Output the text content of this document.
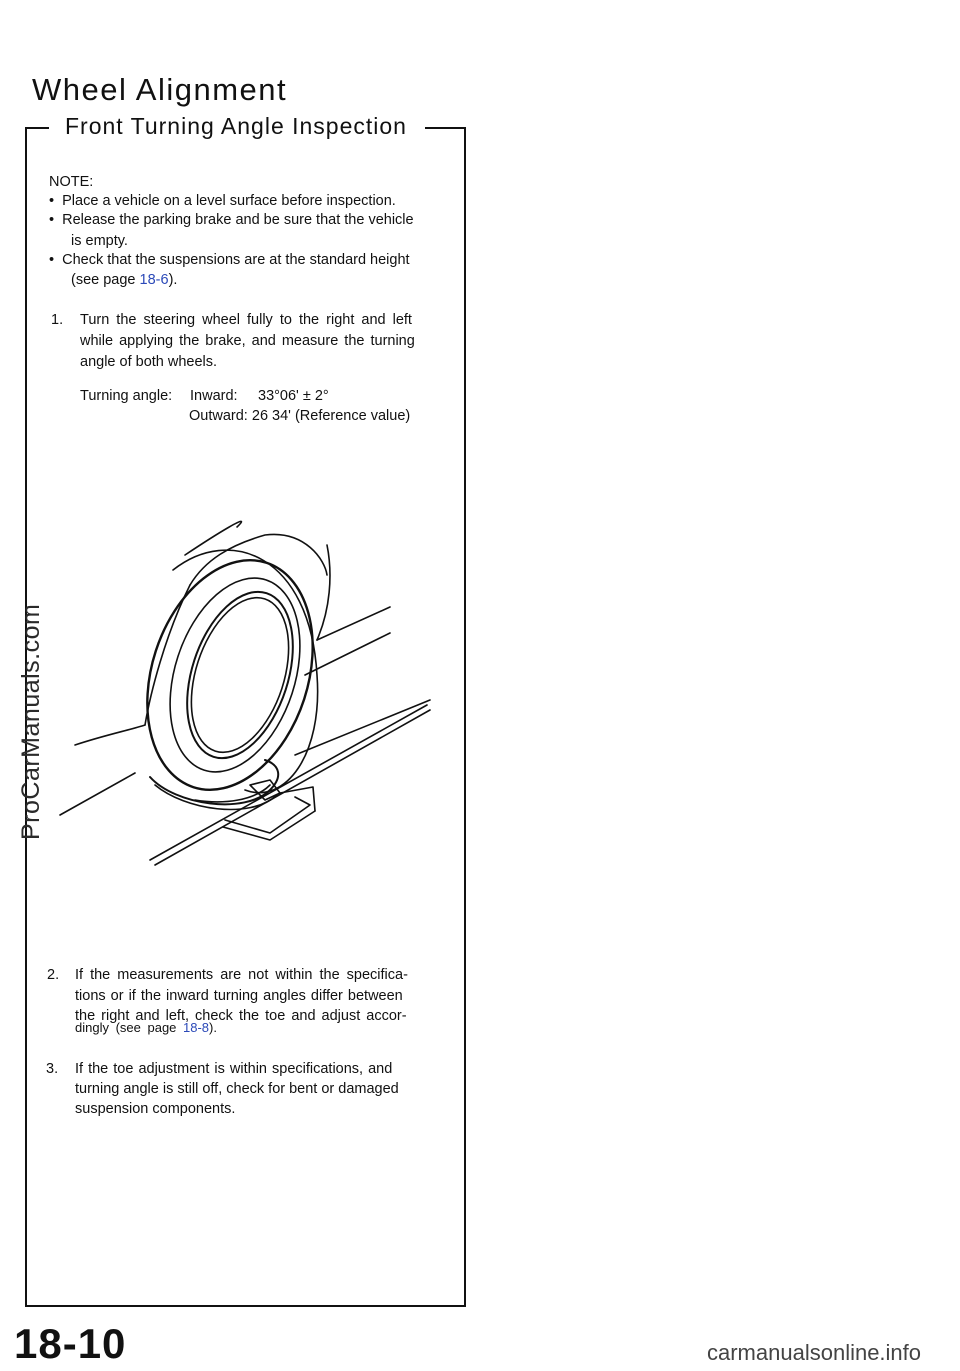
Wheel Alignment
Front Turning Angle Inspection
NOTE:
• Place a vehicle on a level surface before inspection.
• Release the parking brake and be sure that the vehicle
is empty.
• Check that the suspensions are at the standard height
(see page 18-6).
1. Turn the steering wheel fully to the right and left
while applying the brake, and measure the turning
angle of both wheels.
Turning angle: Inward: 33°06' ± 2°
Outward: 26 34' (Reference value)
2. If the measurements are not within the specifica-
tions or if the inward turning angles differ between
the right and left, check the toe and adjust accor-
dingly (see page 18-8).
3. If the toe adjustment is within specifications, and
turning angle is still off, check for bent or damaged
suspension components.
ProCarManuals.com
18-10	carmanualsonline.info
